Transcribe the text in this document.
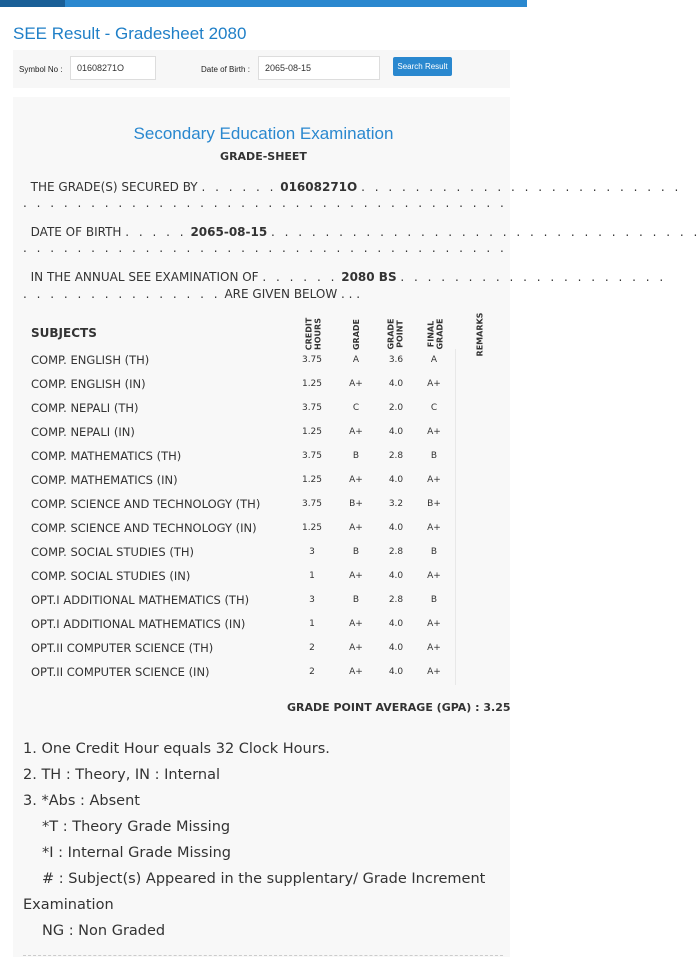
SEE Result - Gradesheet 2080
Symbol No :	01608271O	Date of Birth :	2065-08-15	Search Result
Secondary Education Examination
GRADE-SHEET
THE GRADE(S) SECURED BY . . . . . . 01608271O . . . . . . . . . . . . . . . . . . . . . . . .
. . . . . . . . . . . . . . . . . . . . . . . . . . . . . . . . . . . .
DATE OF BIRTH . . . . . 2065-08-15 . . . . . . . . . . . . . . . . . . . . . . . . . . . . . . . .
. . . . . . . . . . . . . . . . . . . . . . . . . . . . . . . . . . . .
IN THE ANNUAL SEE EXAMINATION OF . . . . . . 2080 BS . . . . . . . . . . . . . . . . . . . .
. . . . . . . . . . . . . . . ARE GIVEN BELOW . . .
SUBJECTS	CREDIT HOURS	GRADE	GRADE POINT	FINAL GRADE	REMARKS
COMP. ENGLISH (TH)	3.75	A	3.6	A
COMP. ENGLISH (IN)	1.25	A+	4.0	A+
COMP. NEPALI (TH)	3.75	C	2.0	C
COMP. NEPALI (IN)	1.25	A+	4.0	A+
COMP. MATHEMATICS (TH)	3.75	B	2.8	B
COMP. MATHEMATICS (IN)	1.25	A+	4.0	A+
COMP. SCIENCE AND TECHNOLOGY (TH)	3.75	B+	3.2	B+
COMP. SCIENCE AND TECHNOLOGY (IN)	1.25	A+	4.0	A+
COMP. SOCIAL STUDIES (TH)	3	B	2.8	B
COMP. SOCIAL STUDIES (IN)	1	A+	4.0	A+
OPT.I ADDITIONAL MATHEMATICS (TH)	3	B	2.8	B
OPT.I ADDITIONAL MATHEMATICS (IN)	1	A+	4.0	A+
OPT.II COMPUTER SCIENCE (TH)	2	A+	4.0	A+
OPT.II COMPUTER SCIENCE (IN)	2	A+	4.0	A+
GRADE POINT AVERAGE (GPA) : 3.25
1. One Credit Hour equals 32 Clock Hours.
2. TH : Theory, IN : Internal
3. *Abs : Absent
*T : Theory Grade Missing
*I : Internal Grade Missing
# : Subject(s) Appeared in the supplentary/ Grade Increment
Examination
NG : Non Graded
